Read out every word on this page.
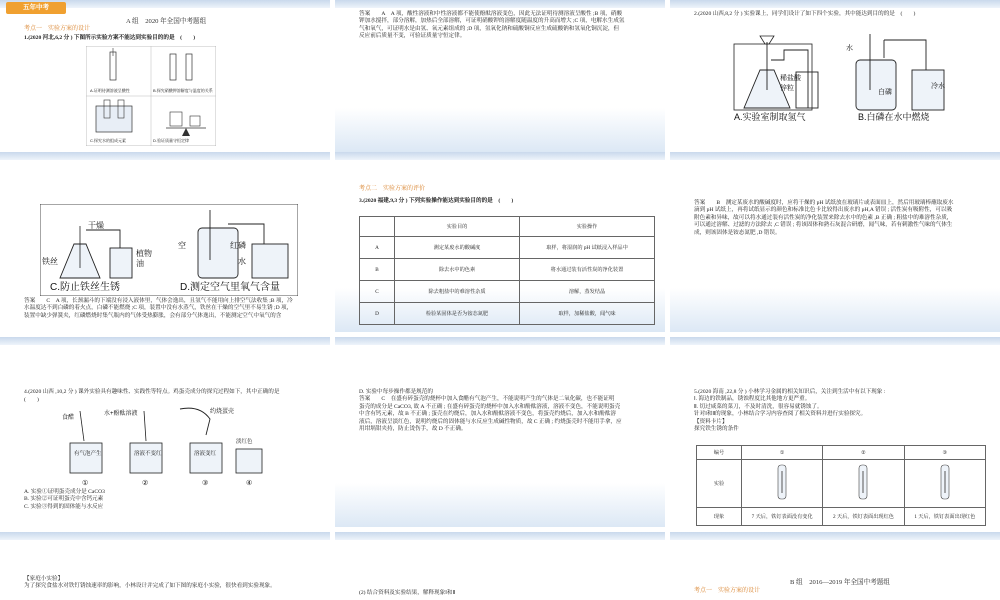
五年中考
A 组　2020 年全国中考题组
考点一　实验方案的设计
1.(2020 河北,6,2 分 ) 下图所示实验方案不能达到实验目的的是　(　　)
A.证明待测溶液呈酸性	B.探究硝酸钾溶解度与温度的关系
C.探究水的组成元素	D.验证质量守恒定律
答案　　A　A 项，酸性溶液和中性溶液都不能使酚酞溶液变色，因此无法证明待测溶液呈酸性 ;B 项，硝酸
钾加水搅拌，部分溶解，加热后全部溶解，可证明硝酸钾的溶解度随温度的升高而增大 ;C 项，电解水生成氢
气和氧气，可证明水是由氢、氧元素组成的 ;D 项，氢氧化钠和硫酸铜反应生成硫酸钠和氢氧化铜沉淀，但
反应前后质量不变，可验证质量守恒定律。
2.(2020 山西,8,2 分 ) 实验课上，同学们设计了如下四个实验，其中能达到目的的是　(　　)
稀盐酸
锌粒
A.实验室制取氢气
水
白磷
冷水
B.白磷在水中燃烧
干燥
铁丝
植物
油
C.防止铁丝生锈
空	红磷
水
D.测定空气里氧气含量
答案　　C　A 项，长颈漏斗的下端没有浸入液体里，气体会逸出，且氢气不能用向上排空气法收集 ;B 项，冷
水温度达不到白磷的着火点，白磷不能燃烧 ;C 项，装置中没有水蒸气，铁丝在干燥的空气里不易生锈 ;D 项，
装置中缺少弹簧夹，红磷燃烧时集气瓶内的气体受热膨胀，会有部分气体逸出，不能测定空气中氧气的含
考点二　实验方案的评价
3.(2020 福建,9,3 分 ) 下列实验操作能达到实验目的的是　(　　)
	实验目的	实验操作
A	测定某废水的酸碱度	取样，将湿润的 pH 试纸浸入样品中
B	除去水中的色素	将水通过装有活性炭的净化装置
C	除去粗盐中的难溶性杂质	溶解，蒸发结晶
D	检验某固体是否为铵态氮肥	取样，加稀盐酸，闻气味
答案　　B　测定某废水的酸碱度时，应将干燥的 pH 试纸放在玻璃片或表面皿上，然后用玻璃棒蘸取废水
滴到 pH 试纸上，再将试纸显示的颜色和标准比色卡比较得出废水的 pH,A 错误 ; 活性炭有吸附性，可以吸
附色素和异味，故可以将水通过装有活性炭的净化装置来除去水中的色素 ,B 正确 ; 粗盐中的难溶性杂质，
可以通过溶解、过滤的方法除去 ,C 错误 ; 将该固体和熟石灰混合研磨，闻气味，若有刺激性气味的气体生
成，则该固体是铵态氮肥 ,D 错误。
4.(2020 山西 ,10,2 分 ) 课外实验具有趣味性、实践性等特点。鸡蛋壳成分的探究过程如下，其中正确的是
(　　)
食醋
水+酚酞溶液	约烧蛋壳
有气泡产生	溶液不变红	溶液变红
淡红色
①	②	③	④
A. 实验①证明蛋壳成分是 CaCO3
B. 实验②可证明蛋壳中含钙元素
C. 实验③得到的固体能与水反应
D. 实验中每步操作都是规范的
答案　　C　在盛有碎蛋壳的烧杯中加入食醋有气泡产生，不能说明产生的气体是二氧化碳，也不能证明
蛋壳的成分是 CaCO3, 故 A 不正确 ; 在盛有碎蛋壳的烧杯中加入水和酚酞溶液，溶液不变色，不能说明蛋壳
中含有钙元素，故 B 不正确 ; 蛋壳在约烧后，加入水和酚酞溶液不变色，将蛋壳约烧后，加入水和酚酞溶
液后，溶液呈淡红色，说明约烧后的固体能与水反应生成碱性物质，故 C 正确 ; 约烧蛋壳时不能用手拿，应
用坩埚钳夹持，防止烫伤手，故 D 不正确。
5.(2020 海南 ,22,8 分 ) 小林学习金属的相关知识后，关注到生活中有以下现象 :
Ⅰ. 海边的铁制品，锈蚀程度比其他地方更严重。
Ⅱ. 切过咸菜的菜刀，不及时清洗，很容易就锈蚀了。
针对Ⅰ和Ⅱ的现象，小林结合学习内容查阅了相关资料并进行实验探究。
【资料卡片】
探究铁生锈的条件
编号	①	②	③
实验			
现象	7 天后，铁钉表面没有变化	2 天后，铁钉表面出现红色	1 天后，铁钉表面出现红色
【家庭小实验】
为了探究食盐水对铁钉锈蚀速率的影响，小林设计并完成了如下图的家庭小实验，很快看到实验现象。
(2) 结合资料及实验结果，解释现象Ⅰ和Ⅱ
B 组　2016—2019 年全国中考题组
考点一　实验方案的设计
